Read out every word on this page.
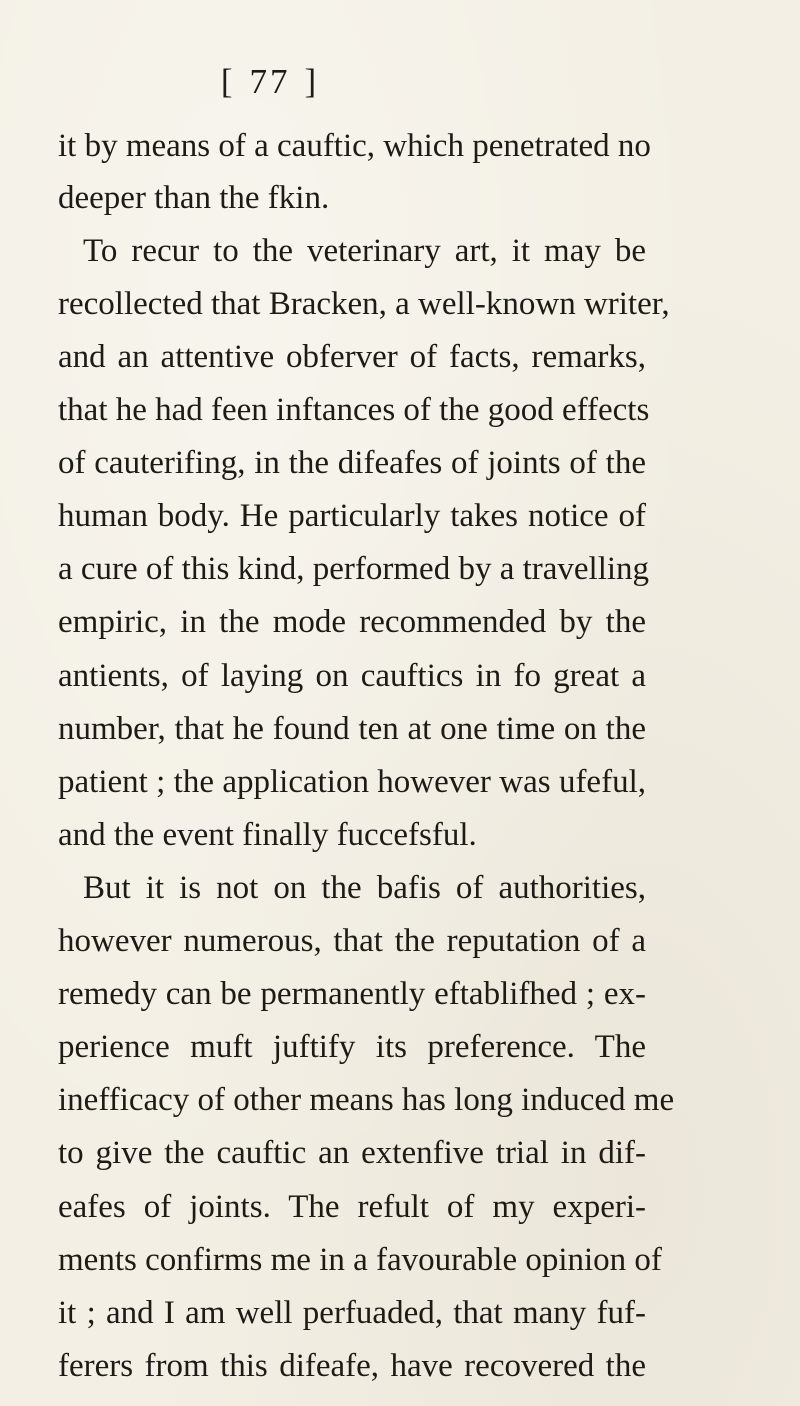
[ 77 ]
it by means of a cauftic, which penetrated no
deeper than the fkin.
To recur to the veterinary art, it may be
recollected that Bracken, a well-known writer,
and an attentive obferver of facts, remarks,
that he had feen inftances of the good effects
of cauterifing, in the difeafes of joints of the
human body. He particularly takes notice of
a cure of this kind, performed by a travelling
empiric, in the mode recommended by the
antients, of laying on cauftics in fo great a
number, that he found ten at one time on the
patient ; the application however was ufeful,
and the event finally fuccefsful.
But it is not on the bafis of authorities,
however numerous, that the reputation of a
remedy can be permanently eftablifhed ; ex-
perience muft juftify its preference. The
inefficacy of other means has long induced me
to give the cauftic an extenfive trial in dif-
eafes of joints. The refult of my experi-
ments confirms me in a favourable opinion of
it ; and I am well perfuaded, that many fuf-
ferers from this difeafe, have recovered the
